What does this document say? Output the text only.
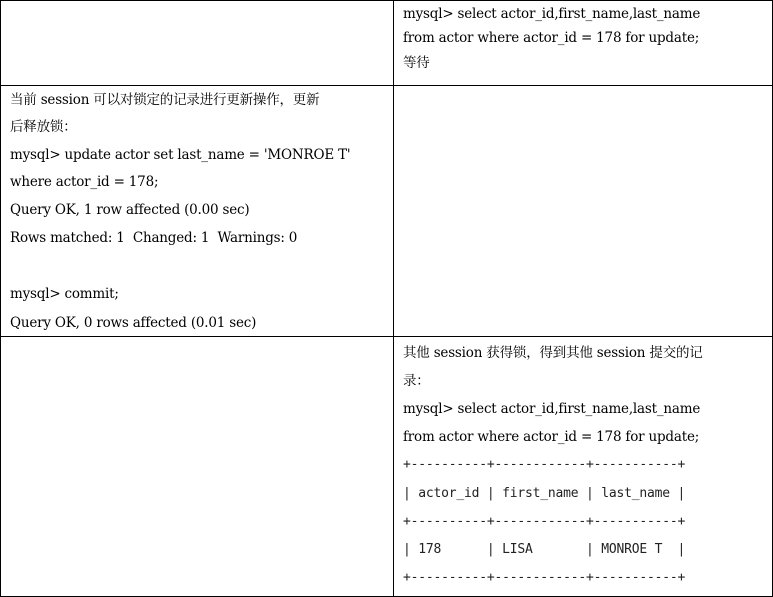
mysql> select actor_id,first_name,last_name
from actor where actor_id = 178 for update;
等待
当前 session 可以对锁定的记录进行更新操作，更新
后释放锁：
mysql> update actor set last_name = 'MONROE T'
where actor_id = 178;
Query OK, 1 row affected (0.00 sec)
Rows matched: 1  Changed: 1  Warnings: 0
mysql> commit;
Query OK, 0 rows affected (0.01 sec)
其他 session 获得锁，得到其他 session 提交的记
录：
mysql> select actor_id,first_name,last_name
from actor where actor_id = 178 for update;
+----------+------------+-----------+
| actor_id | first_name | last_name |
+----------+------------+-----------+
| 178      | LISA       | MONROE T  |
+----------+------------+-----------+
